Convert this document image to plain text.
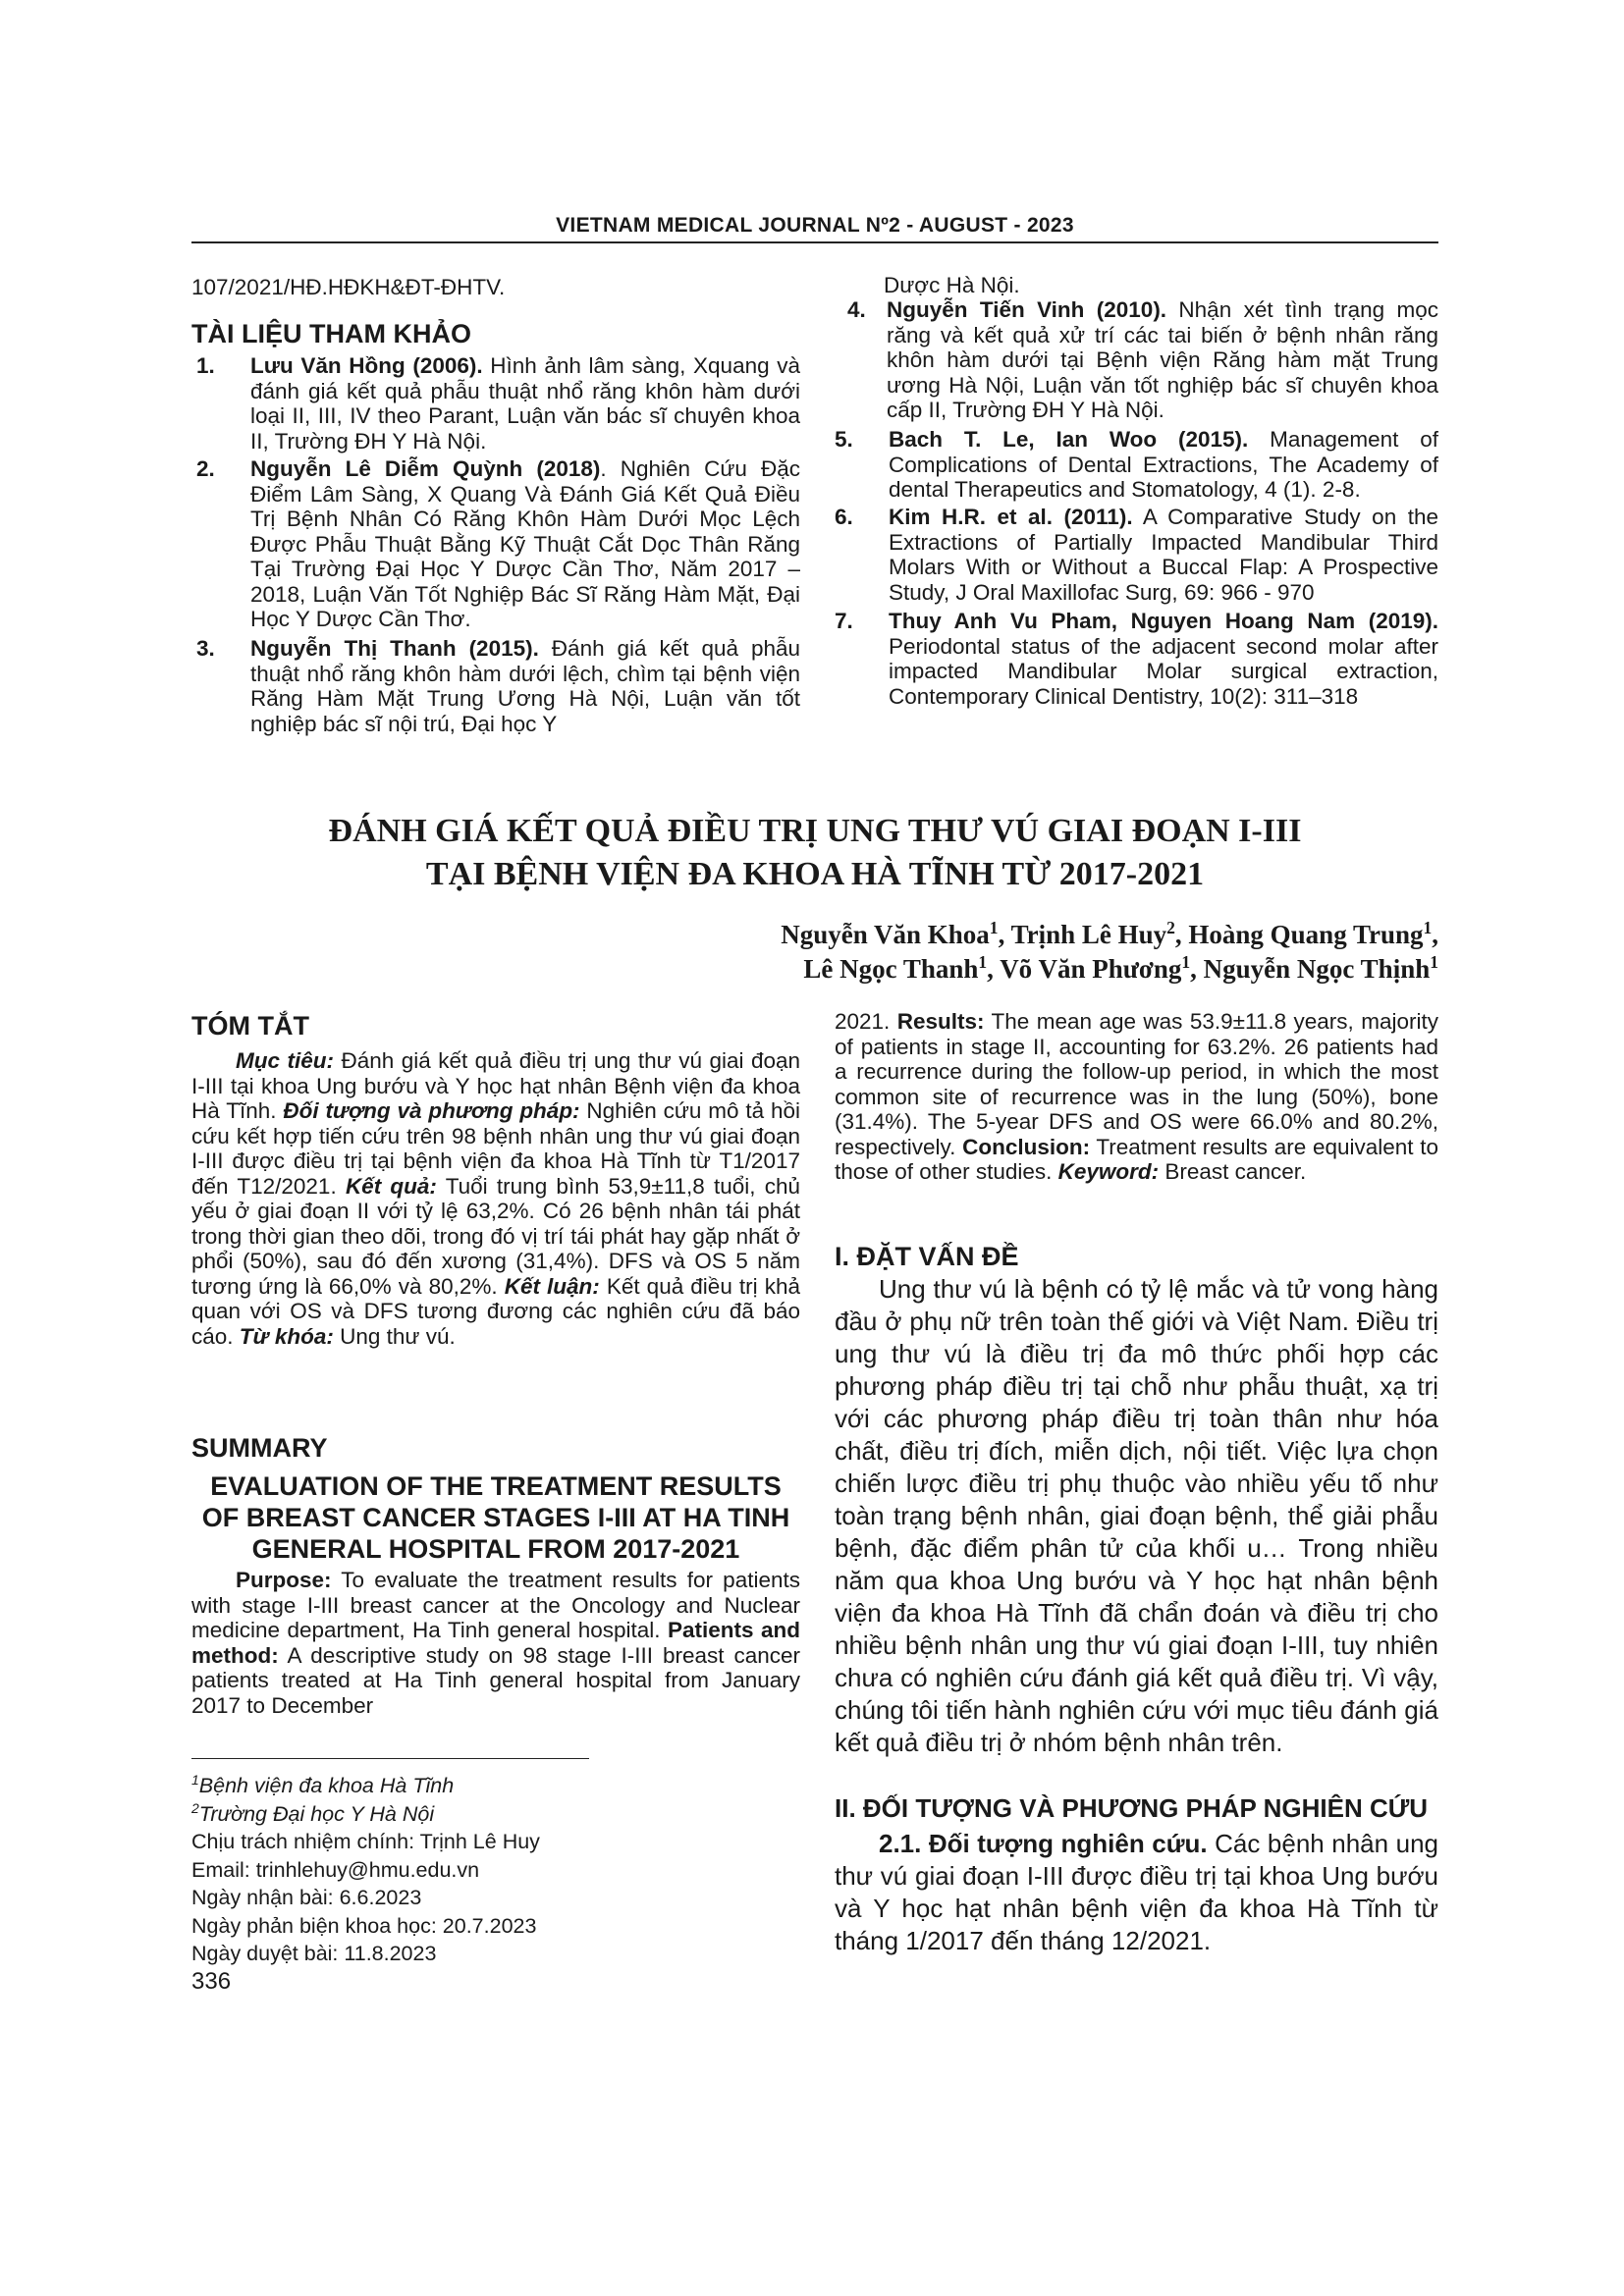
VIETNAM MEDICAL JOURNAL Nº2 - AUGUST - 2023
107/2021/HĐ.HĐKH&ĐT-ĐHTV.
TÀI LIỆU THAM KHẢO
1. Lưu Văn Hồng (2006). Hình ảnh lâm sàng, Xquang và đánh giá kết quả phẫu thuật nhổ răng khôn hàm dưới loại II, III, IV theo Parant, Luận văn bác sĩ chuyên khoa II, Trường ĐH Y Hà Nội.
2. Nguyễn Lê Diễm Quỳnh (2018). Nghiên Cứu Đặc Điểm Lâm Sàng, X Quang Và Đánh Giá Kết Quả Điều Trị Bệnh Nhân Có Răng Khôn Hàm Dưới Mọc Lệch Được Phẫu Thuật Bằng Kỹ Thuật Cắt Dọc Thân Răng Tại Trường Đại Học Y Dược Cần Thơ, Năm 2017 – 2018, Luận Văn Tốt Nghiệp Bác Sĩ Răng Hàm Mặt, Đại Học Y Dược Cần Thơ.
3. Nguyễn Thị Thanh (2015). Đánh giá kết quả phẫu thuật nhổ răng khôn hàm dưới lệch, chìm tại bệnh viện Răng Hàm Mặt Trung Ương Hà Nội, Luận văn tốt nghiệp bác sĩ nội trú, Đại học Y
Dược Hà Nội.
4. Nguyễn Tiến Vinh (2010). Nhận xét tình trạng mọc răng và kết quả xử trí các tai biến ở bệnh nhân răng khôn hàm dưới tại Bệnh viện Răng hàm mặt Trung ương Hà Nội, Luận văn tốt nghiệp bác sĩ chuyên khoa cấp II, Trường ĐH Y Hà Nội.
5. Bach T. Le, Ian Woo (2015). Management of Complications of Dental Extractions, The Academy of dental Therapeutics and Stomatology, 4 (1). 2-8.
6. Kim H.R. et al. (2011). A Comparative Study on the Extractions of Partially Impacted Mandibular Third Molars With or Without a Buccal Flap: A Prospective Study, J Oral Maxillofac Surg, 69: 966 - 970
7. Thuy Anh Vu Pham, Nguyen Hoang Nam (2019). Periodontal status of the adjacent second molar after impacted Mandibular Molar surgical extraction, Contemporary Clinical Dentistry, 10(2): 311–318
ĐÁNH GIÁ KẾT QUẢ ĐIỀU TRỊ UNG THƯ VÚ GIAI ĐOẠN I-III
TẠI BỆNH VIỆN ĐA KHOA HÀ TĨNH TỪ 2017-2021
Nguyễn Văn Khoa$^1$, Trịnh Lê Huy$^2$, Hoàng Quang Trung$^1$,
Lê Ngọc Thanh$^1$, Võ Văn Phương$^1$, Nguyễn Ngọc Thịnh$^1$
TÓM TẮT

Mục tiêu: Đánh giá kết quả điều trị ung thư vú giai đoạn I-III tại khoa Ung bướu và Y học hạt nhân Bệnh viện đa khoa Hà Tĩnh. Đối tượng và phương pháp: Nghiên cứu mô tả hồi cứu kết hợp tiến cứu trên 98 bệnh nhân ung thư vú giai đoạn I-III được điều trị tại bệnh viện đa khoa Hà Tĩnh từ T1/2017 đến T12/2021. Kết quả: Tuổi trung bình 53,9±11,8 tuổi, chủ yếu ở giai đoạn II với tỷ lệ 63,2%. Có 26 bệnh nhân tái phát trong thời gian theo dõi, trong đó vị trí tái phát hay gặp nhất ở phổi (50%), sau đó đến xương (31,4%). DFS và OS 5 năm tương ứng là 66,0% và 80,2%. Kết luận: Kết quả điều trị khả quan với OS và DFS tương đương các nghiên cứu đã báo cáo. Từ khóa: Ung thư vú.

SUMMARY
EVALUATION OF THE TREATMENT RESULTS OF BREAST CANCER STAGES I-III AT HA TINH GENERAL HOSPITAL FROM 2017-2021

Purpose: To evaluate the treatment results for patients with stage I-III breast cancer at the Oncology and Nuclear medicine department, Ha Tinh general hospital. Patients and method: A descriptive study on 98 stage I-III breast cancer patients treated at Ha Tinh general hospital from January 2017 to December

$^1$Bệnh viện đa khoa Hà Tĩnh
$^2$Trường Đại học Y Hà Nội
Chịu trách nhiệm chính: Trịnh Lê Huy
Email: trinhlehuy@hmu.edu.vn
Ngày nhận bài: 6.6.2023
Ngày phản biện khoa học: 20.7.2023
Ngày duyệt bài: 11.8.2023
336

2021. Results: The mean age was 53.9±11.8 years, majority of patients in stage II, accounting for 63.2%. 26 patients had a recurrence during the follow-up period, in which the most common site of recurrence was in the lung (50%), bone (31.4%). The 5-year DFS and OS were 66.0% and 80.2%, respectively. Conclusion: Treatment results are equivalent to those of other studies. Keyword: Breast cancer.

I. ĐẶT VẤN ĐỀ

Ung thư vú là bệnh có tỷ lệ mắc và tử vong hàng đầu ở phụ nữ trên toàn thế giới và Việt Nam. Điều trị ung thư vú là điều trị đa mô thức phối hợp các phương pháp điều trị tại chỗ như phẫu thuật, xạ trị với các phương pháp điều trị toàn thân như hóa chất, điều trị đích, miễn dịch, nội tiết. Việc lựa chọn chiến lược điều trị phụ thuộc vào nhiều yếu tố như toàn trạng bệnh nhân, giai đoạn bệnh, thể giải phẫu bệnh, đặc điểm phân tử của khối u… Trong nhiều năm qua khoa Ung bướu và Y học hạt nhân bệnh viện đa khoa Hà Tĩnh đã chẩn đoán và điều trị cho nhiều bệnh nhân ung thư vú giai đoạn I-III, tuy nhiên chưa có nghiên cứu đánh giá kết quả điều trị. Vì vậy, chúng tôi tiến hành nghiên cứu với mục tiêu đánh giá kết quả điều trị ở nhóm bệnh nhân trên.

II. ĐỐI TƯỢNG VÀ PHƯƠNG PHÁP NGHIÊN CỨU

2.1. Đối tượng nghiên cứu. Các bệnh nhân ung thư vú giai đoạn I-III được điều trị tại khoa Ung bướu và Y học hạt nhân bệnh viện đa khoa Hà Tĩnh từ tháng 1/2017 đến tháng 12/2021.
